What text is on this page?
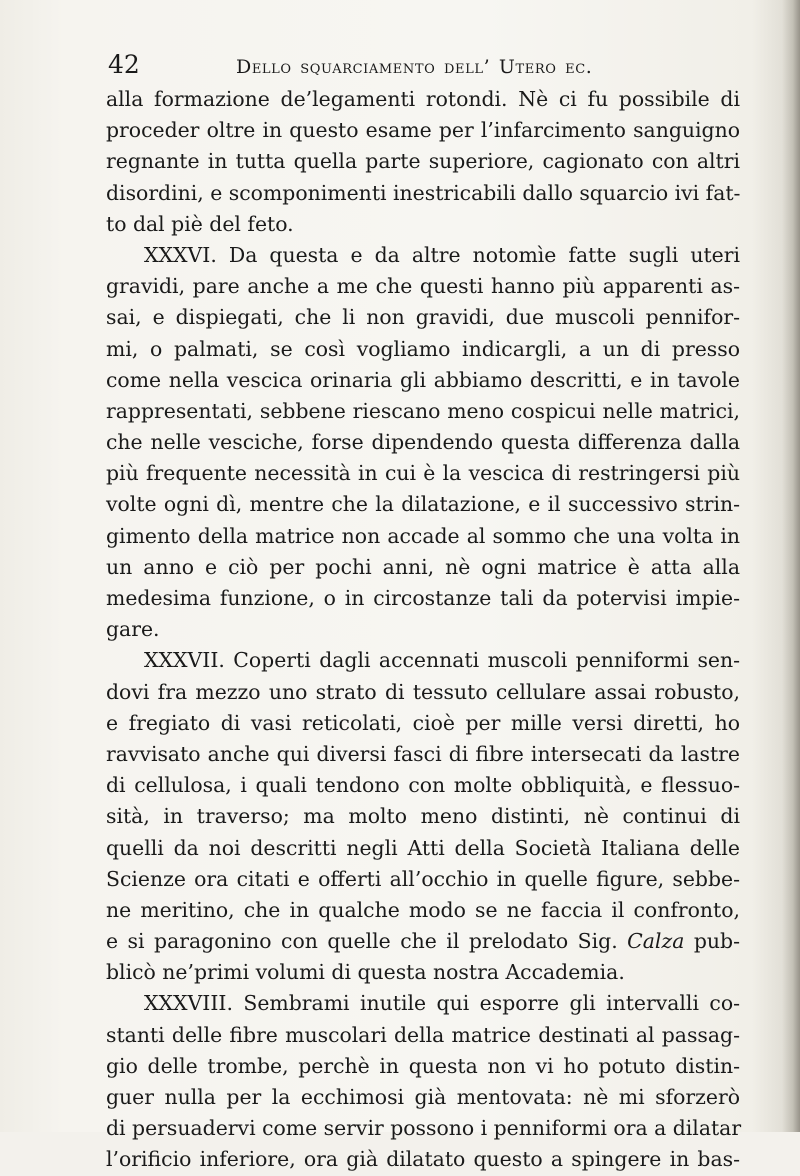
42	Dello squarciamento dell’ Utero ec.
alla formazione de’legamenti rotondi. Nè ci fu possibile di
proceder oltre in questo esame per l’infarcimento sanguigno
regnante in tutta quella parte superiore, cagionato con altri
disordini, e scomponimenti inestricabili dallo squarcio ivi fat-
to dal piè del feto.
XXXVI. Da questa e da altre notomìe fatte sugli uteri
gravidi, pare anche a me che questi hanno più apparenti as-
sai, e dispiegati, che li non gravidi, due muscoli pennifor-
mi, o palmati, se così vogliamo indicargli, a un di presso
come nella vescica orinaria gli abbiamo descritti, e in tavole
rappresentati, sebbene riescano meno cospicui nelle matrici,
che nelle vesciche, forse dipendendo questa differenza dalla
più frequente necessità in cui è la vescica di restringersi più
volte ogni dì, mentre che la dilatazione, e il successivo strin-
gimento della matrice non accade al sommo che una volta in
un anno e ciò per pochi anni, nè ogni matrice è atta alla
medesima funzione, o in circostanze tali da potervisi impie-
gare.
XXXVII. Coperti dagli accennati muscoli penniformi sen-
dovi fra mezzo uno strato di tessuto cellulare assai robusto,
e fregiato di vasi reticolati, cioè per mille versi diretti, ho
ravvisato anche qui diversi fasci di fibre intersecati da lastre
di cellulosa, i quali tendono con molte obbliquità, e flessuo-
sità, in traverso; ma molto meno distinti, nè continui di
quelli da noi descritti negli Atti della Società Italiana delle
Scienze ora citati e offerti all’occhio in quelle figure, sebbe-
ne meritino, che in qualche modo se ne faccia il confronto,
e si paragonino con quelle che il prelodato Sig. Calza pub-
blicò ne’primi volumi di questa nostra Accademia.
XXXVIII. Sembrami inutile qui esporre gli intervalli co-
stanti delle fibre muscolari della matrice destinati al passag-
gio delle trombe, perchè in questa non vi ho potuto distin-
guer nulla per la ecchimosi già mentovata: nè mi sforzerò
di persuadervi come servir possono i penniformi ora a dilatar
l’orificio inferiore, ora già dilatato questo a spingere in bas-
